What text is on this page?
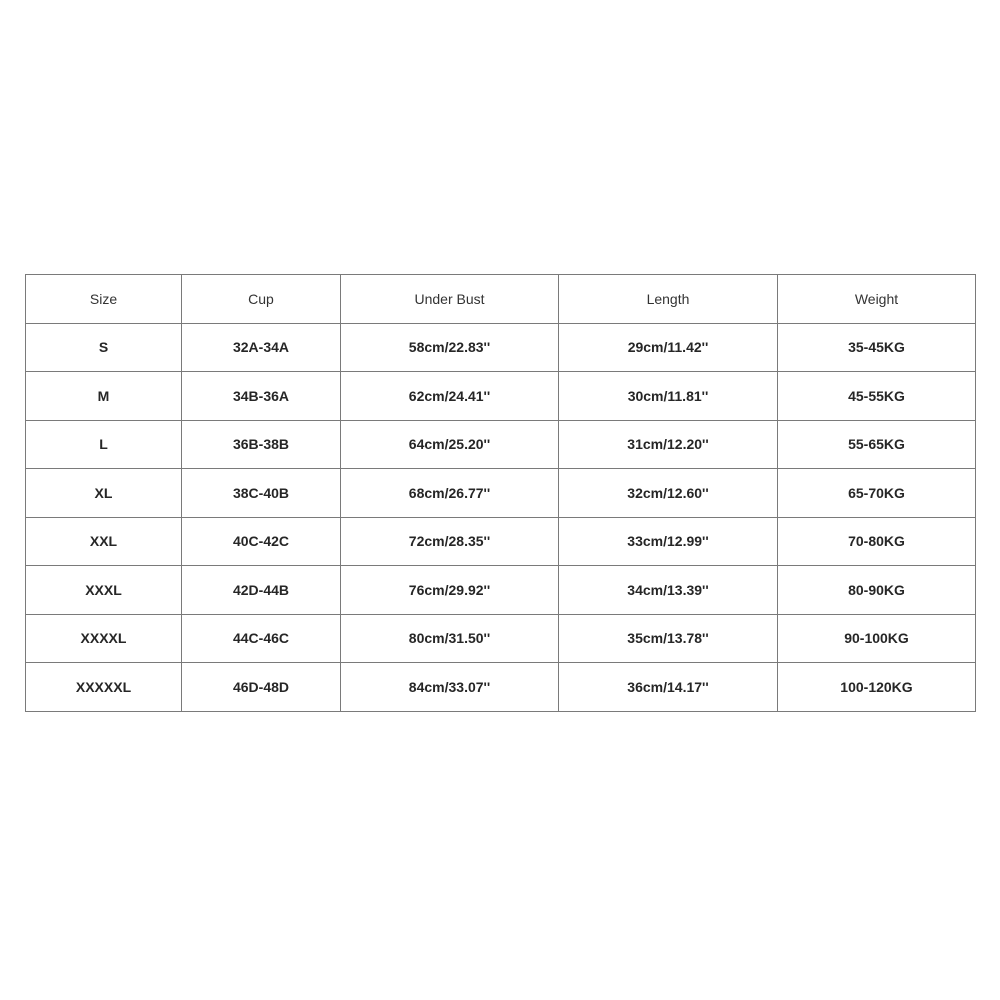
Size	Cup	Under Bust	Length	Weight
S	32A-34A	58cm/22.83''	29cm/11.42''	35-45KG
M	34B-36A	62cm/24.41''	30cm/11.81''	45-55KG
L	36B-38B	64cm/25.20''	31cm/12.20''	55-65KG
XL	38C-40B	68cm/26.77''	32cm/12.60''	65-70KG
XXL	40C-42C	72cm/28.35''	33cm/12.99''	70-80KG
XXXL	42D-44B	76cm/29.92''	34cm/13.39''	80-90KG
XXXXL	44C-46C	80cm/31.50''	35cm/13.78''	90-100KG
XXXXXL	46D-48D	84cm/33.07''	36cm/14.17''	100-120KG
